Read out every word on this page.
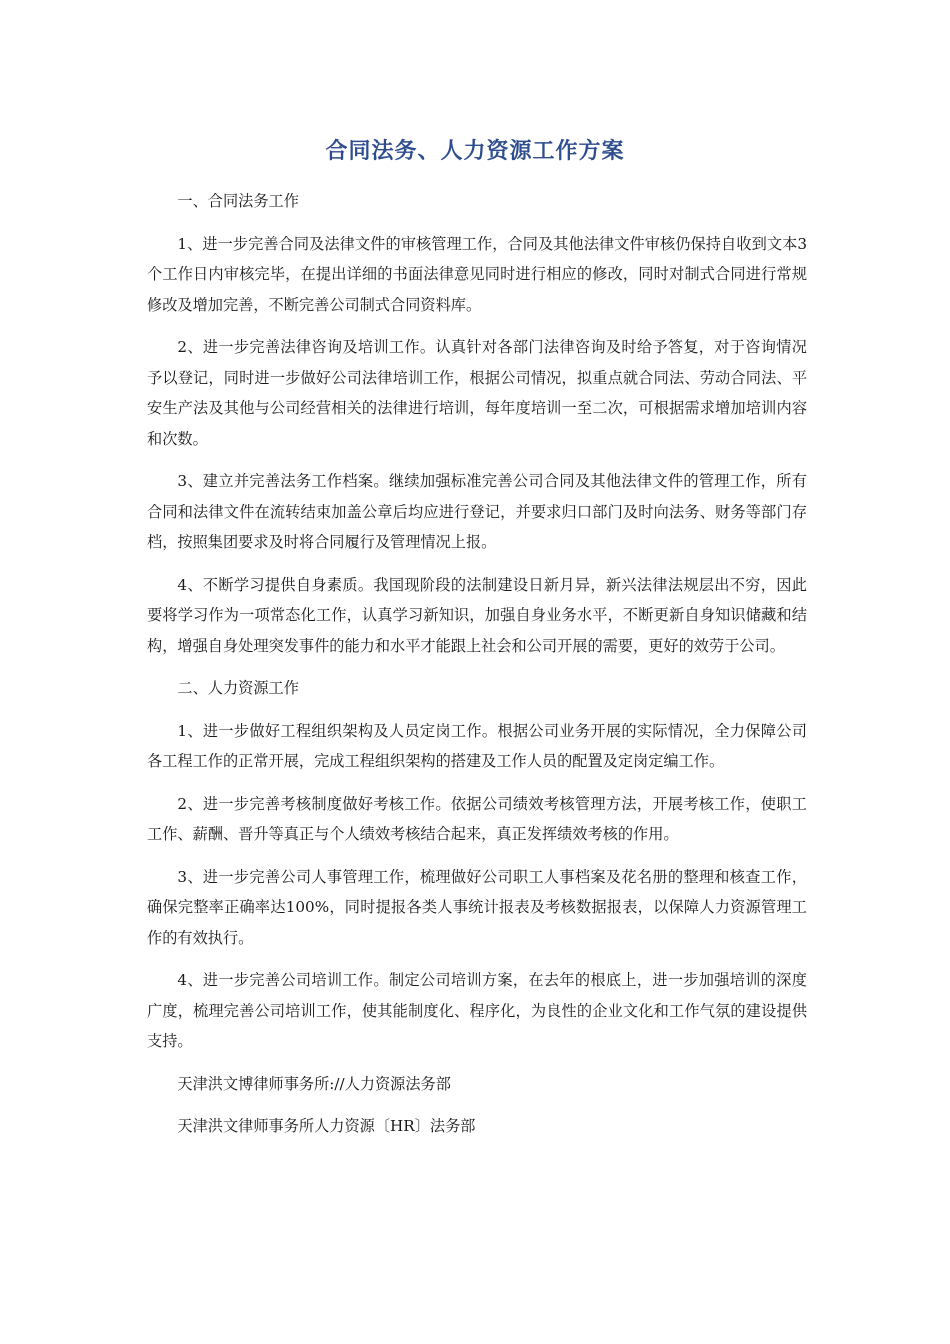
合同法务、人力资源工作方案

一、合同法务工作

1、进一步完善合同及法律文件的审核管理工作，合同及其他法律文件审核仍保持自收到文本3个工作日内审核完毕，在提出详细的书面法律意见同时进行相应的修改，同时对制式合同进行常规修改及增加完善，不断完善公司制式合同资料库。

2、进一步完善法律咨询及培训工作。认真针对各部门法律咨询及时给予答复，对于咨询情况予以登记，同时进一步做好公司法律培训工作，根据公司情况，拟重点就合同法、劳动合同法、平安生产法及其他与公司经营相关的法律进行培训，每年度培训一至二次，可根据需求增加培训内容和次数。

3、建立并完善法务工作档案。继续加强标准完善公司合同及其他法律文件的管理工作，所有合同和法律文件在流转结束加盖公章后均应进行登记，并要求归口部门及时向法务、财务等部门存档，按照集团要求及时将合同履行及管理情况上报。

4、不断学习提供自身素质。我国现阶段的法制建设日新月异，新兴法律法规层出不穷，因此要将学习作为一项常态化工作，认真学习新知识，加强自身业务水平，不断更新自身知识储藏和结构，增强自身处理突发事件的能力和水平才能跟上社会和公司开展的需要，更好的效劳于公司。

二、人力资源工作

1、进一步做好工程组织架构及人员定岗工作。根据公司业务开展的实际情况，全力保障公司各工程工作的正常开展，完成工程组织架构的搭建及工作人员的配置及定岗定编工作。

2、进一步完善考核制度做好考核工作。依据公司绩效考核管理方法，开展考核工作，使职工工作、薪酬、晋升等真正与个人绩效考核结合起来，真正发挥绩效考核的作用。

3、进一步完善公司人事管理工作，梳理做好公司职工人事档案及花名册的整理和核查工作，确保完整率正确率达100%，同时提报各类人事统计报表及考核数据报表，以保障人力资源管理工作的有效执行。

4、进一步完善公司培训工作。制定公司培训方案，在去年的根底上，进一步加强培训的深度广度，梳理完善公司培训工作，使其能制度化、程序化，为良性的企业文化和工作气氛的建设提供支持。

天津洪文博律师事务所://人力资源法务部

天津洪文律师事务所人力资源〔HR〕法务部
